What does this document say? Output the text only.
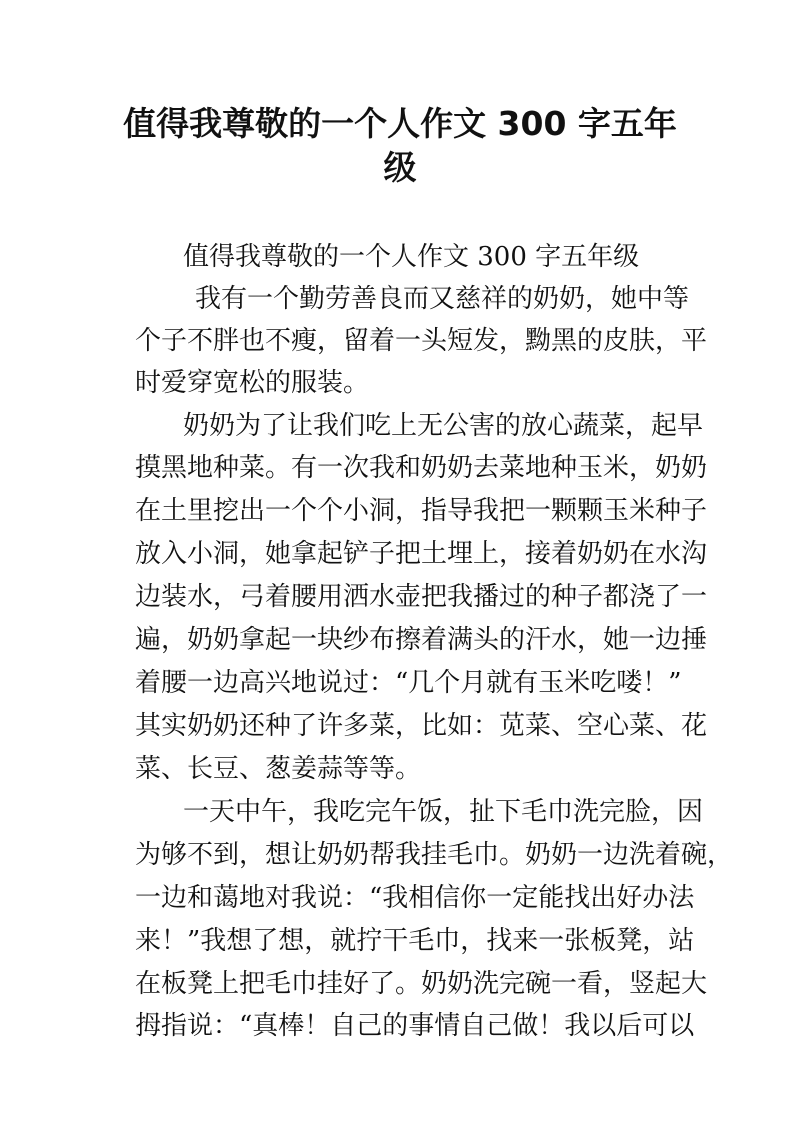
值得我尊敬的一个人作文 300 字五年
级
值得我尊敬的一个人作文 300 字五年级
我有一个勤劳善良而又慈祥的奶奶，她中等
个子不胖也不瘦，留着一头短发，黝黑的皮肤，平
时爱穿宽松的服装。
奶奶为了让我们吃上无公害的放心蔬菜，起早
摸黑地种菜。有一次我和奶奶去菜地种玉米，奶奶
在土里挖出一个个小洞，指导我把一颗颗玉米种子
放入小洞，她拿起铲子把土埋上，接着奶奶在水沟
边装水，弓着腰用洒水壶把我播过的种子都浇了一
遍，奶奶拿起一块纱布擦着满头的汗水，她一边捶
着腰一边高兴地说过：“几个月就有玉米吃喽！”
其实奶奶还种了许多菜，比如：苋菜、空心菜、花
菜、长豆、葱姜蒜等等。
一天中午，我吃完午饭，扯下毛巾洗完脸，因
为够不到，想让奶奶帮我挂毛巾。奶奶一边洗着碗，
一边和蔼地对我说：“我相信你一定能找出好办法
来！”我想了想，就拧干毛巾，找来一张板凳，站
在板凳上把毛巾挂好了。奶奶洗完碗一看，竖起大
拇指说：“真棒！自己的事情自己做！我以后可以
